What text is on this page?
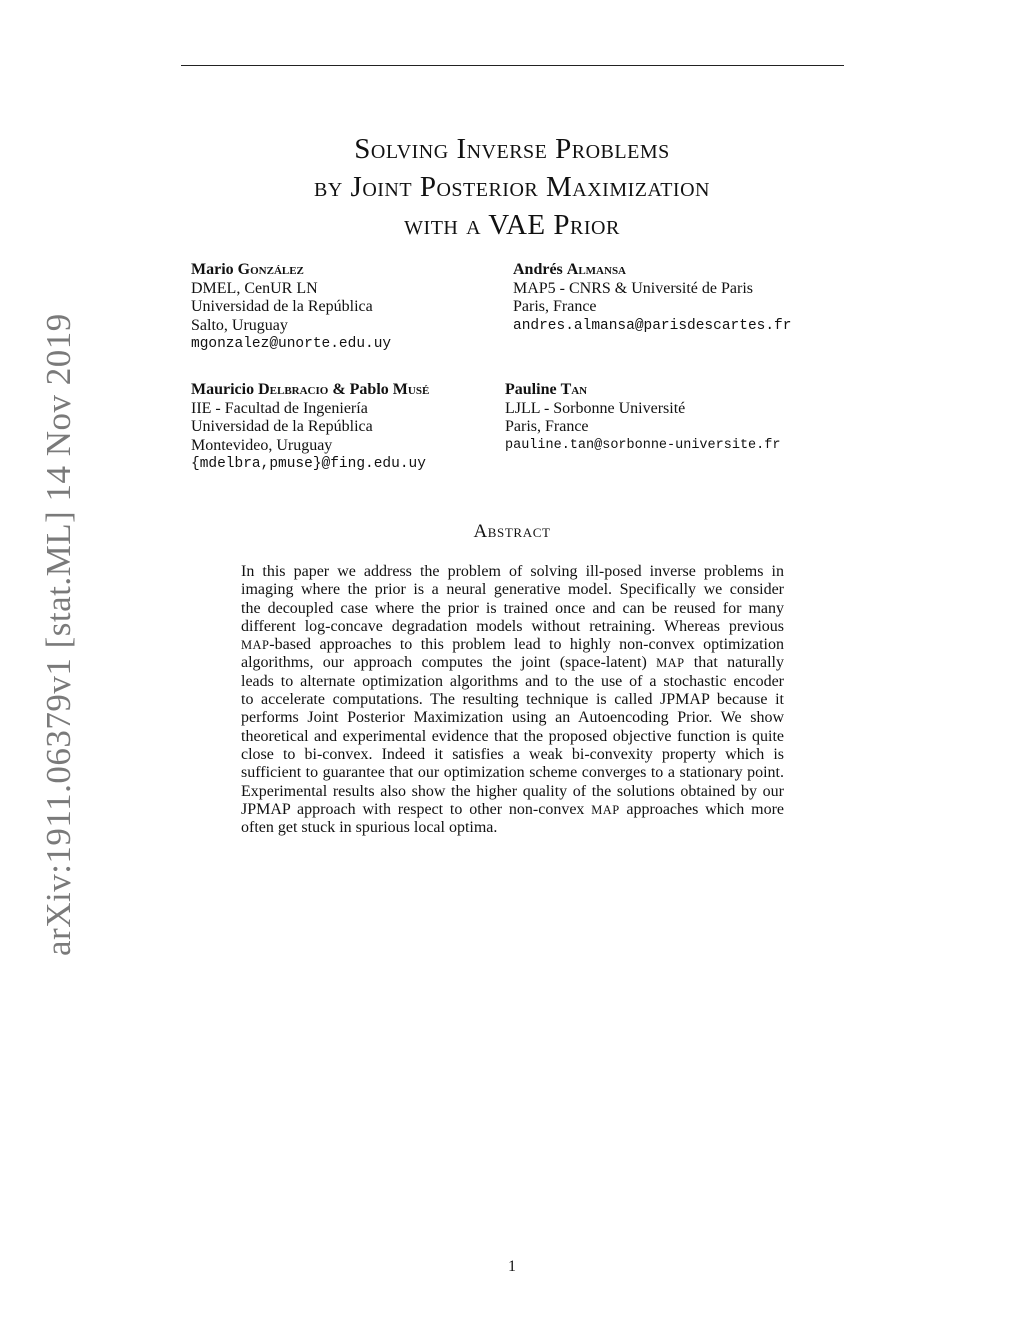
arXiv:1911.06379v1 [stat.ML] 14 Nov 2019
Solving Inverse Problems
by Joint Posterior Maximization
with a VAE Prior
Mario González
DMEL, CenUR LN
Universidad de la República
Salto, Uruguay
mgonzalez@unorte.edu.uy
Andrés Almansa
MAP5 - CNRS & Université de Paris
Paris, France
andres.almansa@parisdescartes.fr
Mauricio Delbracio & Pablo Musé
IIE - Facultad de Ingeniería
Universidad de la República
Montevideo, Uruguay
{mdelbra,pmuse}@fing.edu.uy
Pauline Tan
LJLL - Sorbonne Université
Paris, France
pauline.tan@sorbonne-universite.fr
Abstract
In this paper we address the problem of solving ill-posed inverse problems in
imaging where the prior is a neural generative model. Specifically we consider
the decoupled case where the prior is trained once and can be reused for many
different log-concave degradation models without retraining. Whereas previous
MAP-based approaches to this problem lead to highly non-convex optimization
algorithms, our approach computes the joint (space-latent) MAP that naturally
leads to alternate optimization algorithms and to the use of a stochastic encoder
to accelerate computations. The resulting technique is called JPMAP because it
performs Joint Posterior Maximization using an Autoencoding Prior. We show
theoretical and experimental evidence that the proposed objective function is quite
close to bi-convex. Indeed it satisfies a weak bi-convexity property which is
sufficient to guarantee that our optimization scheme converges to a stationary point.
Experimental results also show the higher quality of the solutions obtained by our
JPMAP approach with respect to other non-convex MAP approaches which more
often get stuck in spurious local optima.
1
